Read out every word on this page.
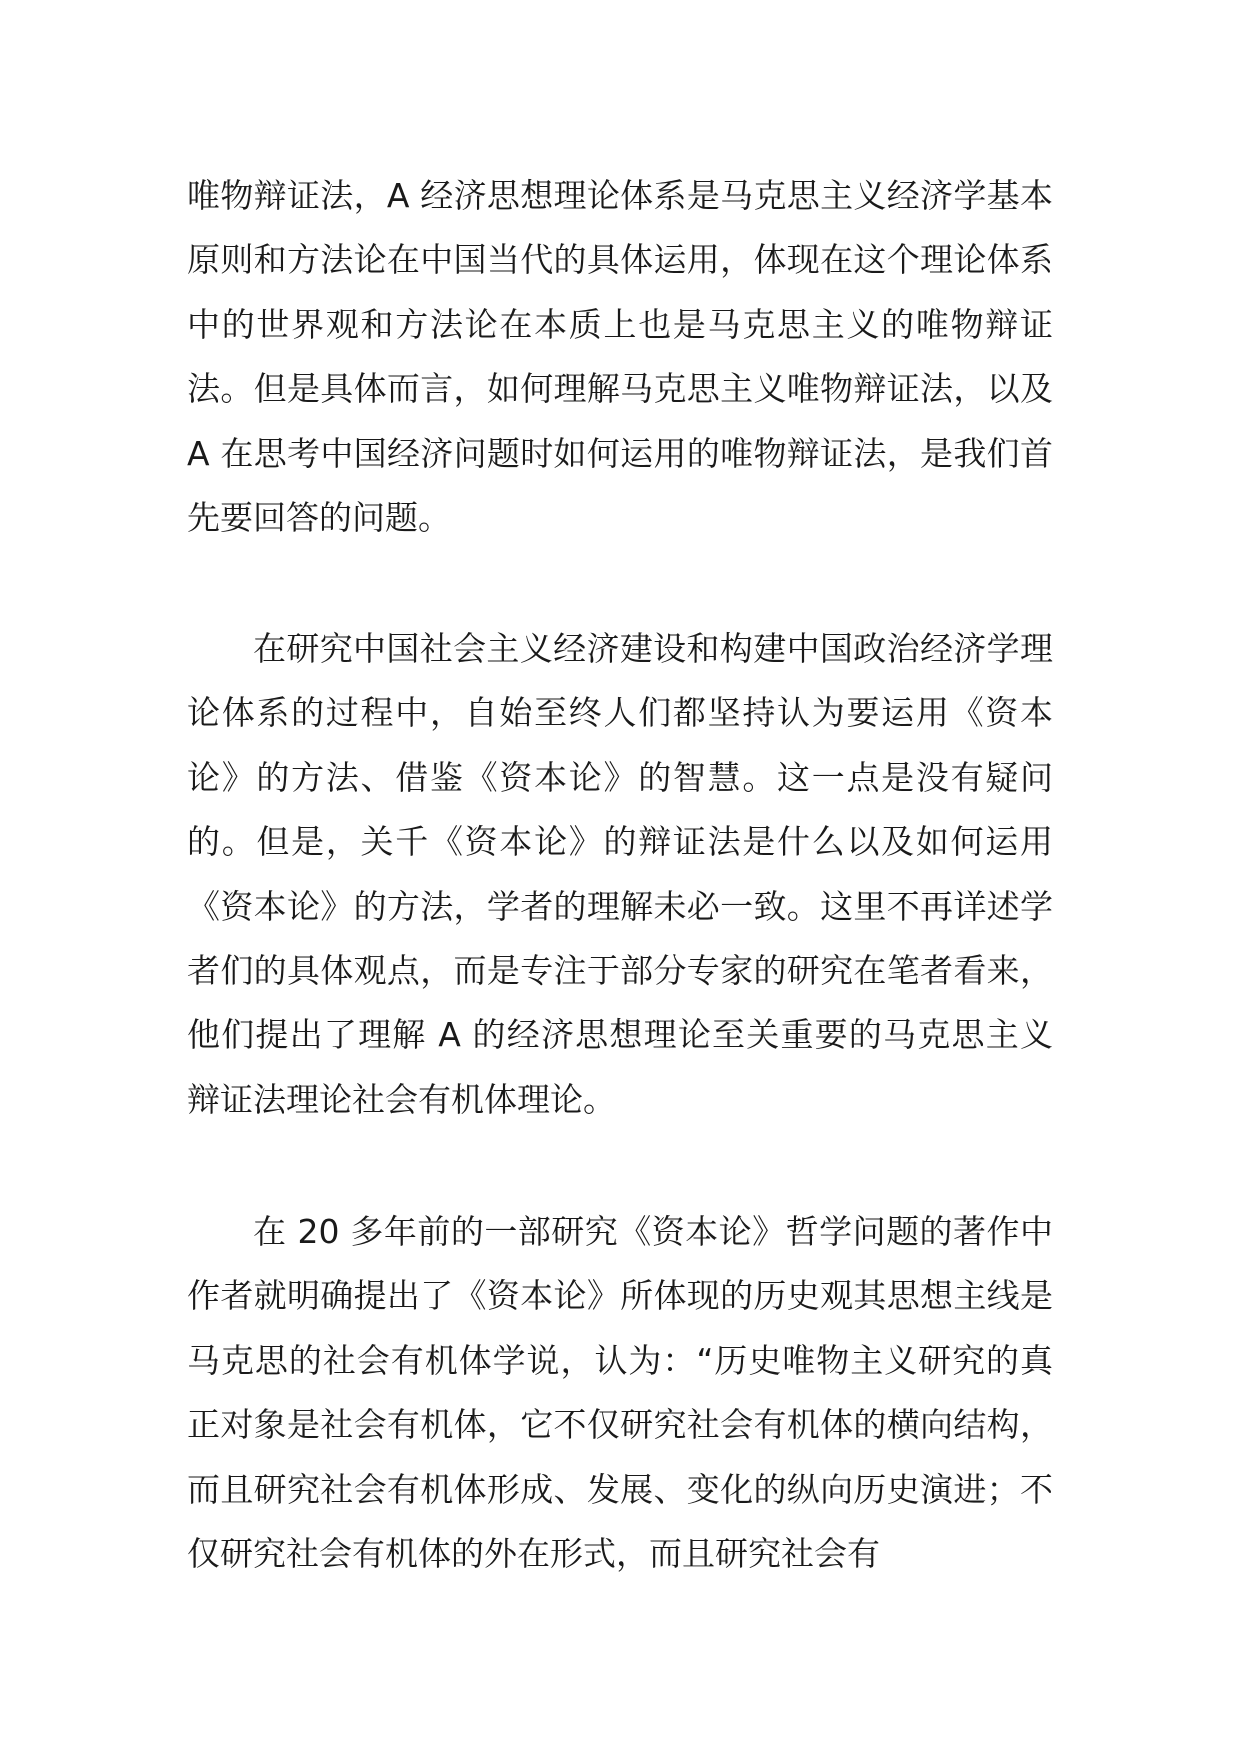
唯物辩证法，A 经济思想理论体系是马克思主义经济学基本原则和方法论在中国当代的具体运用，体现在这个理论体系中的世界观和方法论在本质上也是马克思主义的唯物辩证法。但是具体而言，如何理解马克思主义唯物辩证法，以及 A 在思考中国经济问题时如何运用的唯物辩证法，是我们首先要回答的问题。

在研究中国社会主义经济建设和构建中国政治经济学理论体系的过程中，自始至终人们都坚持认为要运用《资本论》的方法、借鉴《资本论》的智慧。这一点是没有疑问的。但是，关千《资本论》的辩证法是什么以及如何运用《资本论》的方法，学者的理解未必一致。这里不再详述学者们的具体观点，而是专注于部分专家的研究在笔者看来，他们提出了理解 A 的经济思想理论至关重要的马克思主义辩证法理论社会有机体理论。

在 20 多年前的一部研究《资本论》哲学问题的著作中作者就明确提出了《资本论》所体现的历史观其思想主线是马克思的社会有机体学说，认为：“历史唯物主义研究的真正对象是社会有机体，它不仅研究社会有机体的横向结构，而且研究社会有机体形成、发展、变化的纵向历史演进；不仅研究社会有机体的外在形式，而且研究社会有
